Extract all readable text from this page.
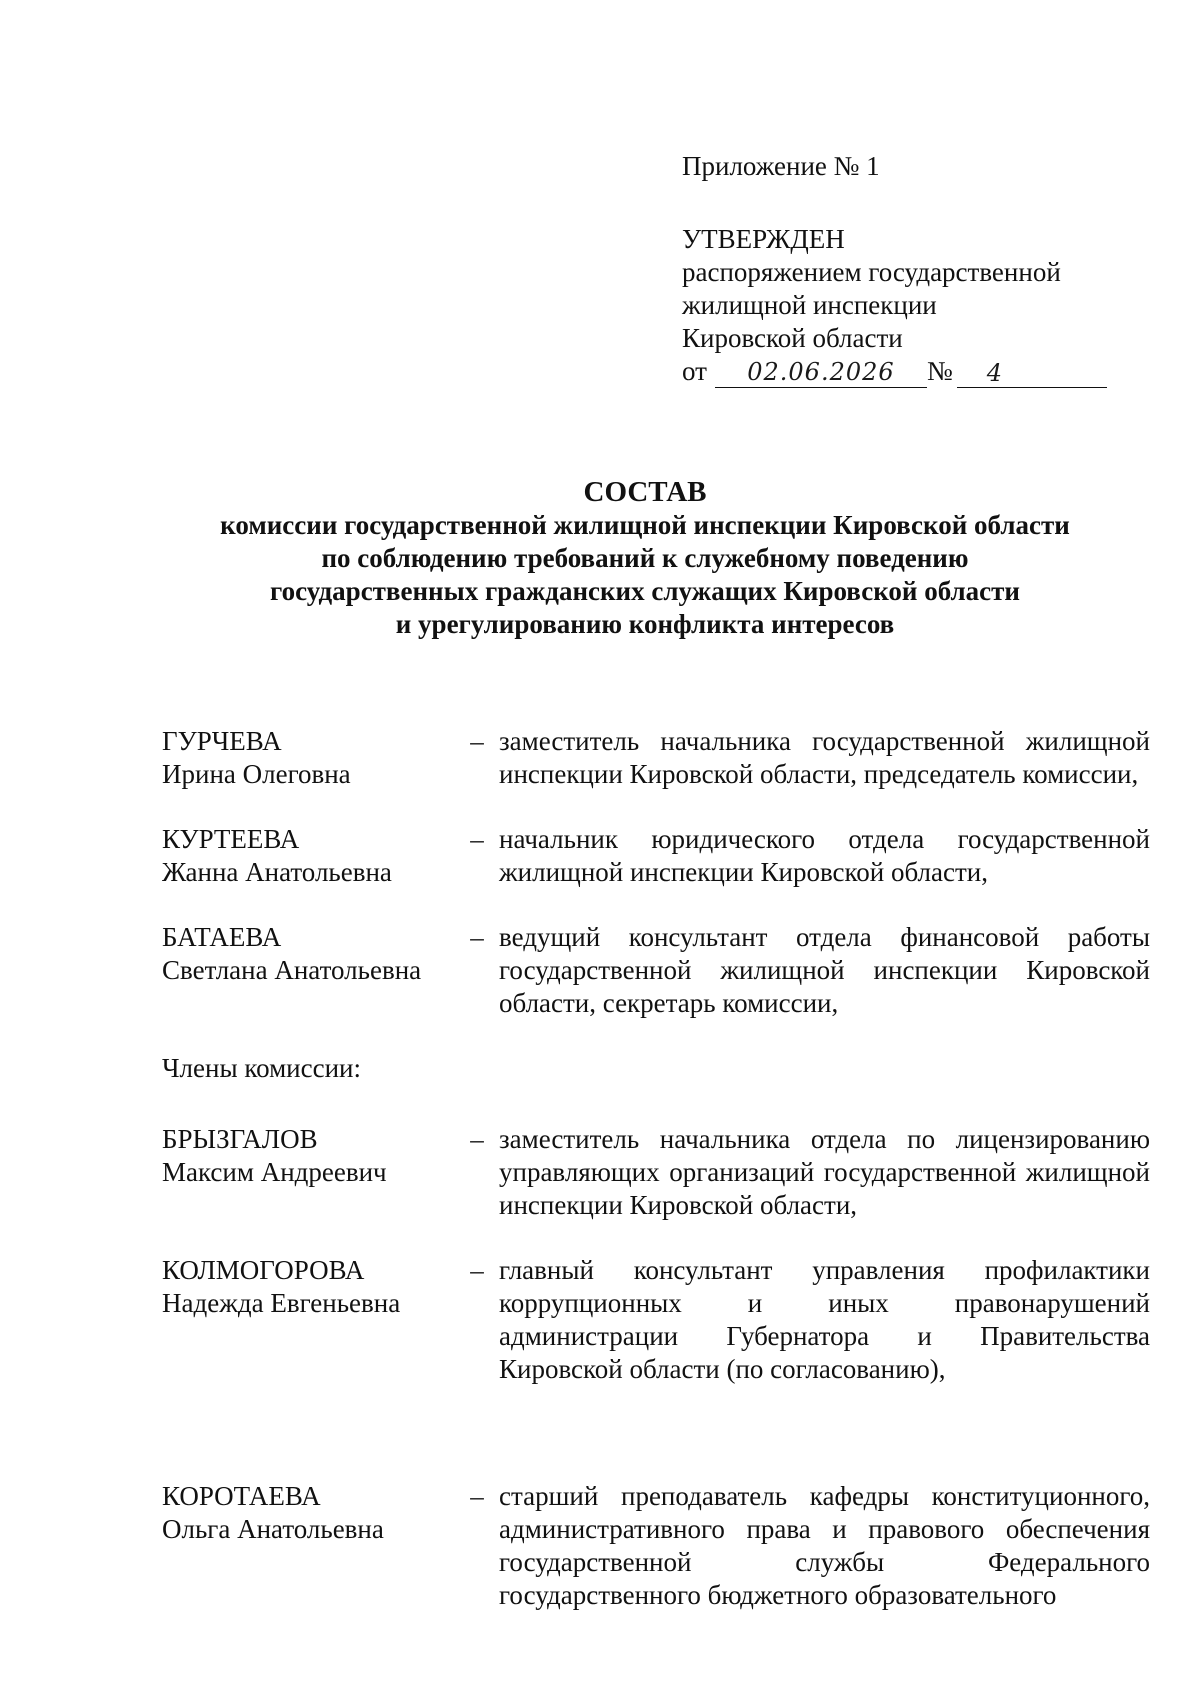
Приложение № 1
УТВЕРЖДЕН
распоряжением государственной
жилищной инспекции
Кировской области
от 02.06.2026 № 4
СОСТАВ
комиссии государственной жилищной инспекции Кировской области
по соблюдению требований к служебному поведению
государственных гражданских служащих Кировской области
и урегулированию конфликта интересов
ГУРЧЕВА
Ирина Олеговна
– заместитель начальника государственной жилищной инспекции Кировской области, председатель комиссии,
КУРТЕЕВА
Жанна Анатольевна
– начальник юридического отдела государственной жилищной инспекции Кировской области,
БАТАЕВА
Светлана Анатольевна
– ведущий консультант отдела финансовой работы государственной жилищной инспекции Кировской области, секретарь комиссии,
Члены комиссии:
БРЫЗГАЛОВ
Максим Андреевич
– заместитель начальника отдела по лицензированию управляющих организаций государственной жилищной инспекции Кировской области,
КОЛМОГОРОВА
Надежда Евгеньевна
– главный консультант управления профилактики коррупционных и иных правонарушений администрации Губернатора и Правительства Кировской области (по согласованию),
КОРОТАЕВА
Ольга Анатольевна
– старший преподаватель кафедры конституционного, административного права и правового обеспечения государственной службы Федерального государственного бюджетного образовательного
